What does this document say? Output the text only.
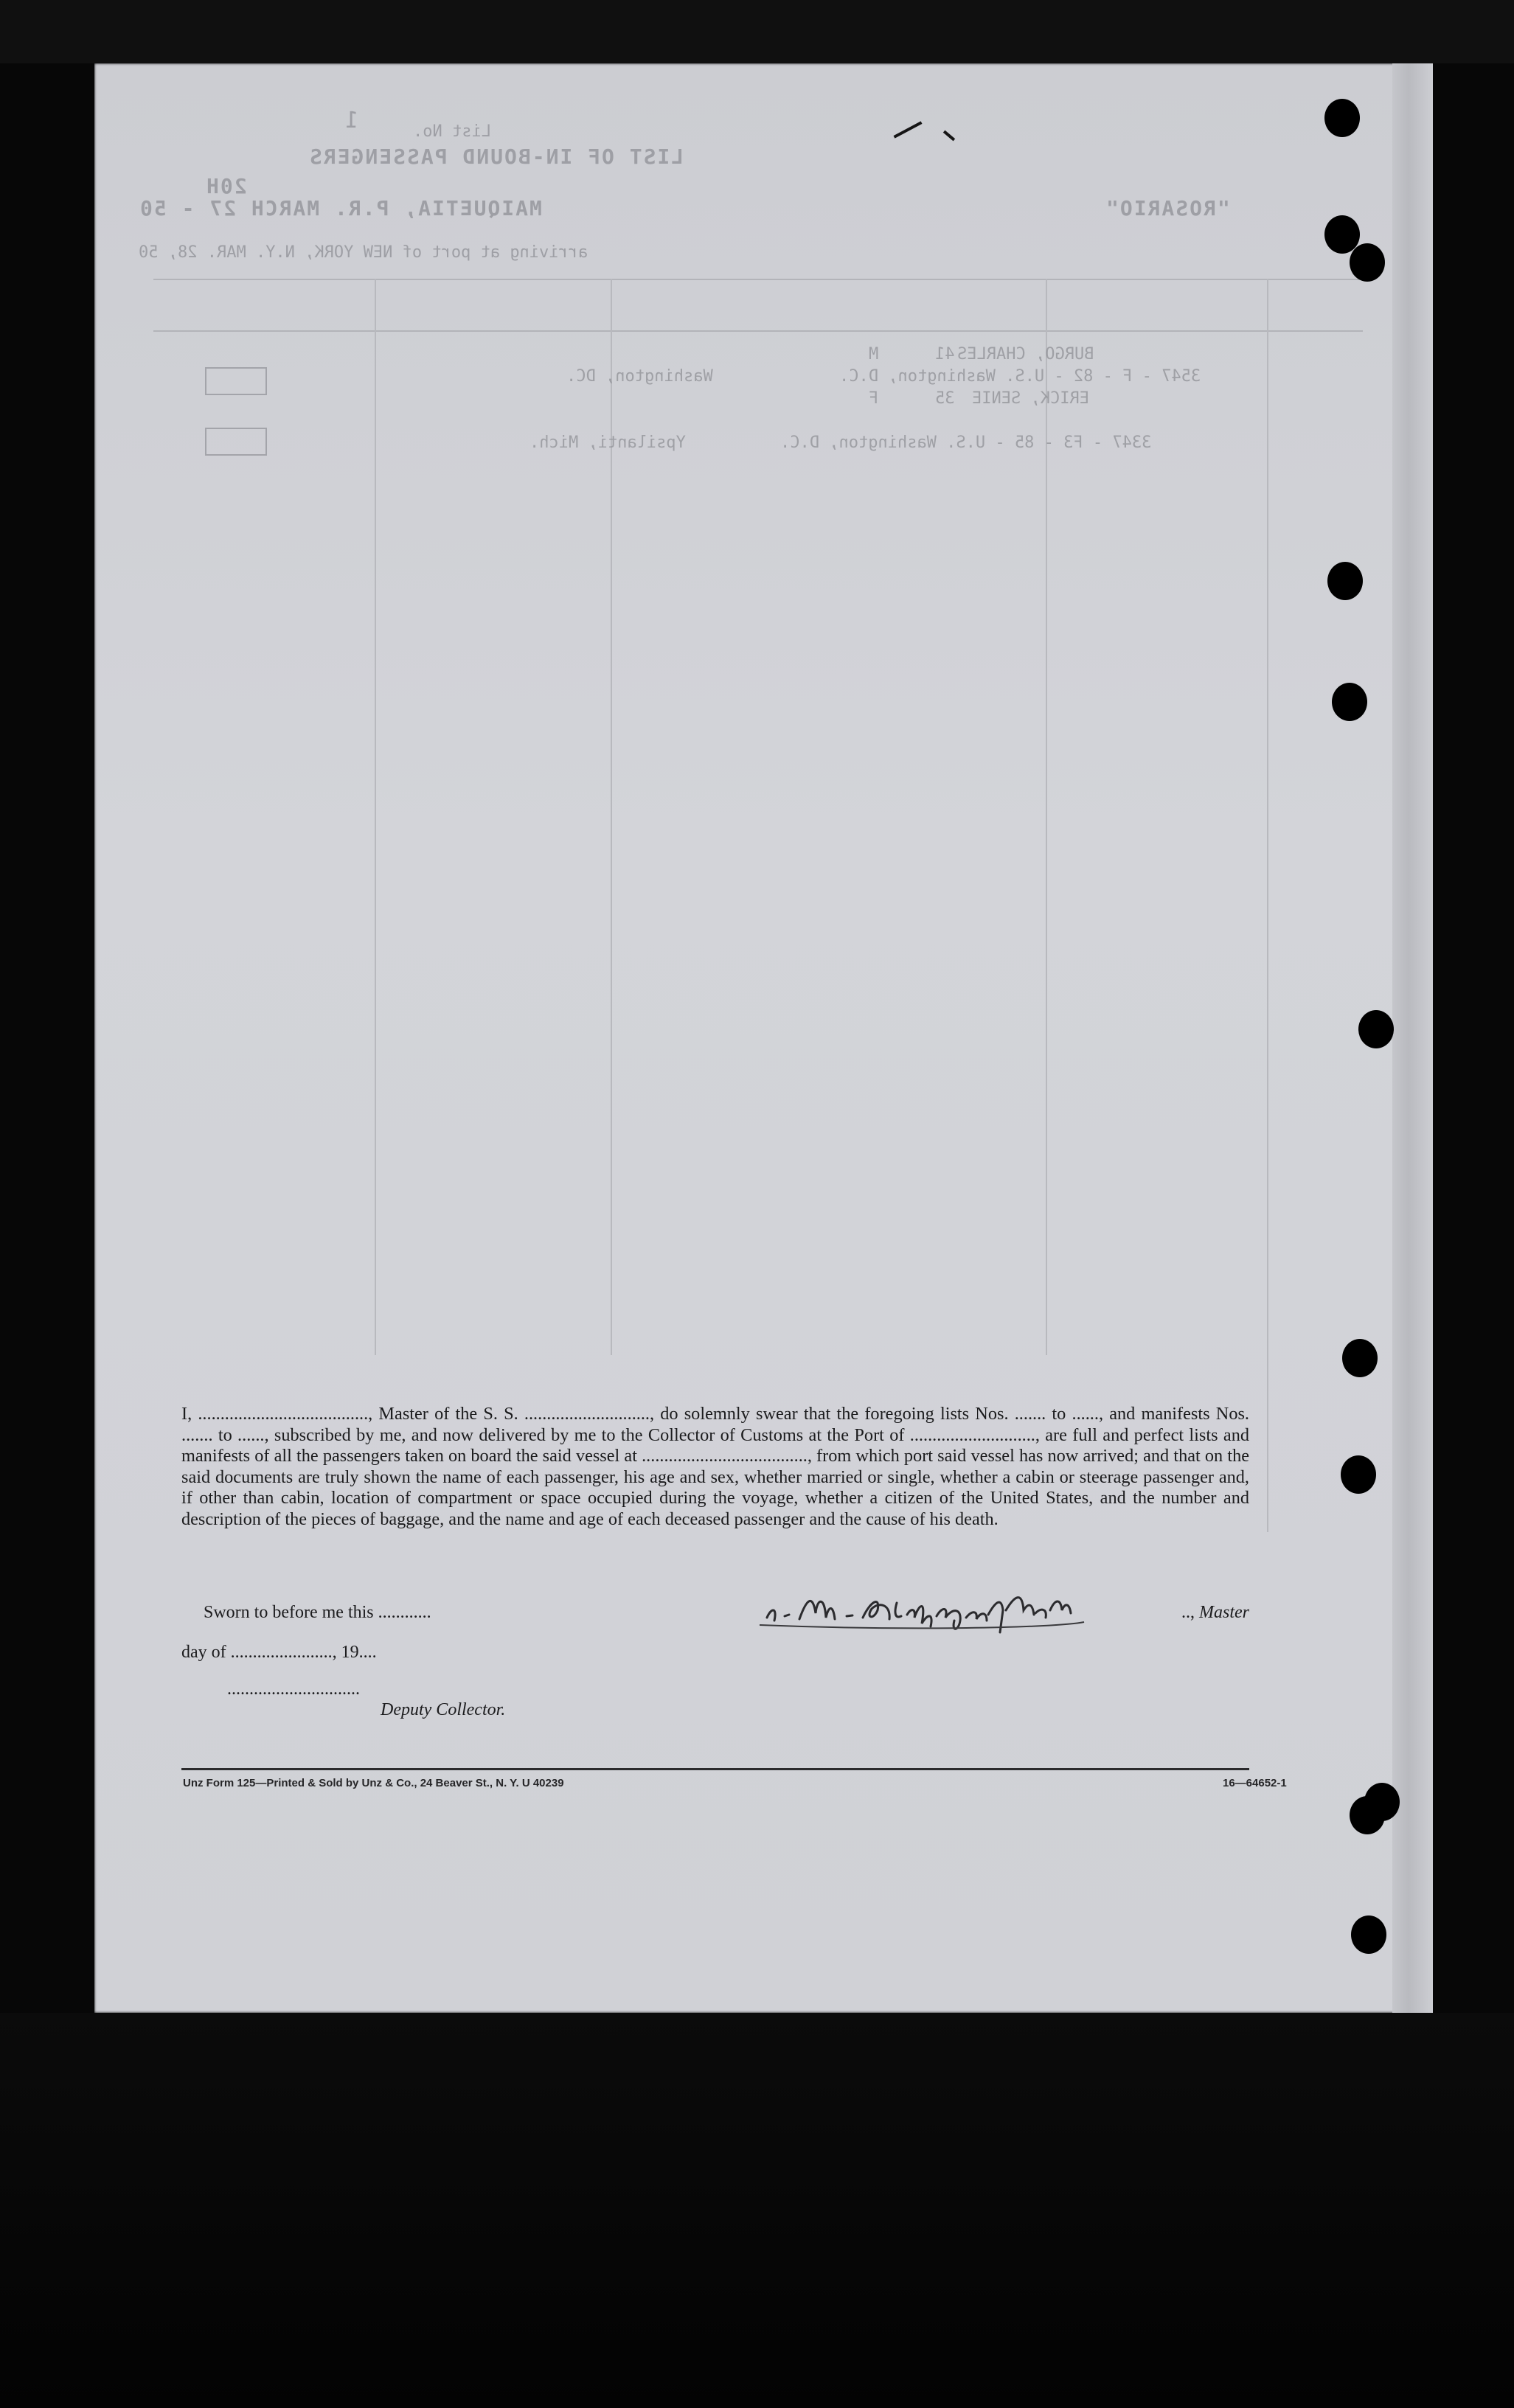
List No.
1
LIST OF IN-BOUND PASSENGERS
20H
MAIQUETIA, P.R. MARCH 27 - 50	"ROSARIO"
arriving at port of NEW YORK, N.Y. MAR. 28, 50
BURGO, CHARLES
41
M
3547 - F - 82 - U.S. Washington, D.C.
Washington, DC.
ERICK, SENIE
35
F
3347 - F3 - 85 - U.S. Washington, D.C.
Ypsilanti, Mich.
I, ......................................, Master of the S. S. ............................, do solemnly swear that the foregoing lists Nos. ....... to ......, and manifests Nos. ....... to ......, subscribed by me, and now delivered by me to the Collector of Customs at the Port of ............................, are full and perfect lists and manifests of all the passengers taken on board the said vessel at ....................................., from which port said vessel has now arrived; and that on the said documents are truly shown the name of each passenger, his age and sex, whether married or single, whether a cabin or steerage passenger and, if other than cabin, location of compartment or space occupied during the voyage, whether a citizen of the United States, and the number and description of the pieces of baggage, and the name and age of each deceased passenger and the cause of his death.
Sworn to before me this ............
day of ......................., 19....
..............................
Deputy Collector.
.., Master
Unz Form 125—Printed & Sold by Unz & Co., 24 Beaver St., N. Y. U 40239	16—64652-1
